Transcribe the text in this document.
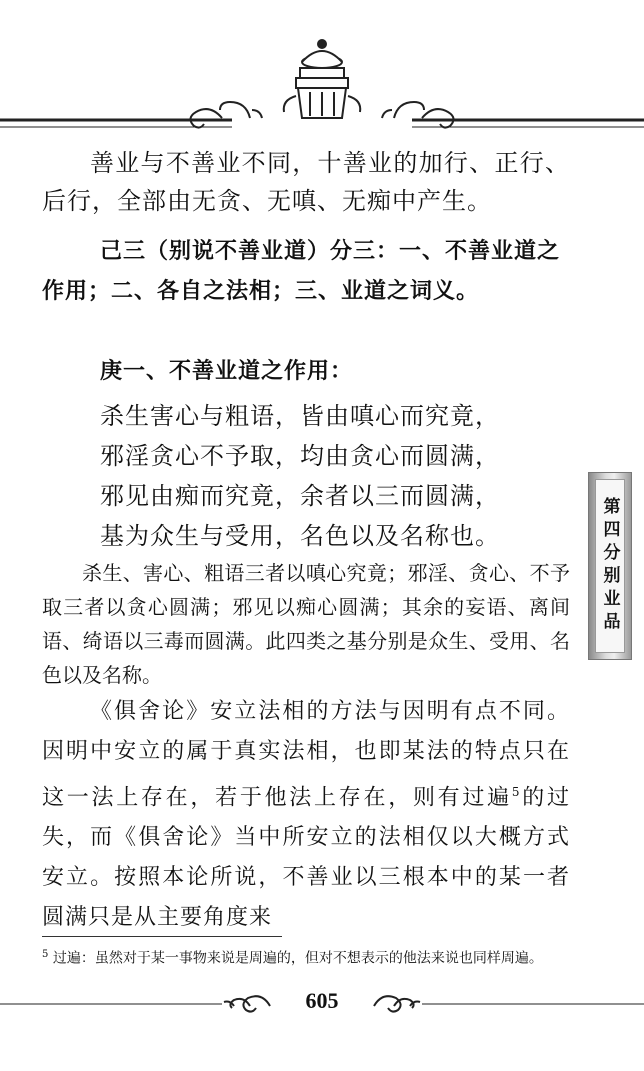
善业与不善业不同，十善业的加行、正行、后行，全部由无贪、无嗔、无痴中产生。

己三（别说不善业道）分三：一、不善业道之作用；二、各自之法相；三、业道之词义。

庚一、不善业道之作用：

杀生害心与粗语，皆由嗔心而究竟，
邪淫贪心不予取，均由贪心而圆满，
邪见由痴而究竟，余者以三而圆满，
基为众生与受用，名色以及名称也。

杀生、害心、粗语三者以嗔心究竟；邪淫、贪心、不予取三者以贪心圆满；邪见以痴心圆满；其余的妄语、离间语、绮语以三毒而圆满。此四类之基分别是众生、受用、名色以及名称。

《俱舍论》安立法相的方法与因明有点不同。因明中安立的属于真实法相，也即某法的特点只在这一法上存在，若于他法上存在，则有过遍$^5$的过失，而《俱舍论》当中所安立的法相仅以大概方式安立。按照本论所说，不善业以三根本中的某一者圆满只是从主要角度来

第四分别业品
$^5$ 过遍：虽然对于某一事物来说是周遍的，但对不想表示的他法来说也同样周遍。
605
